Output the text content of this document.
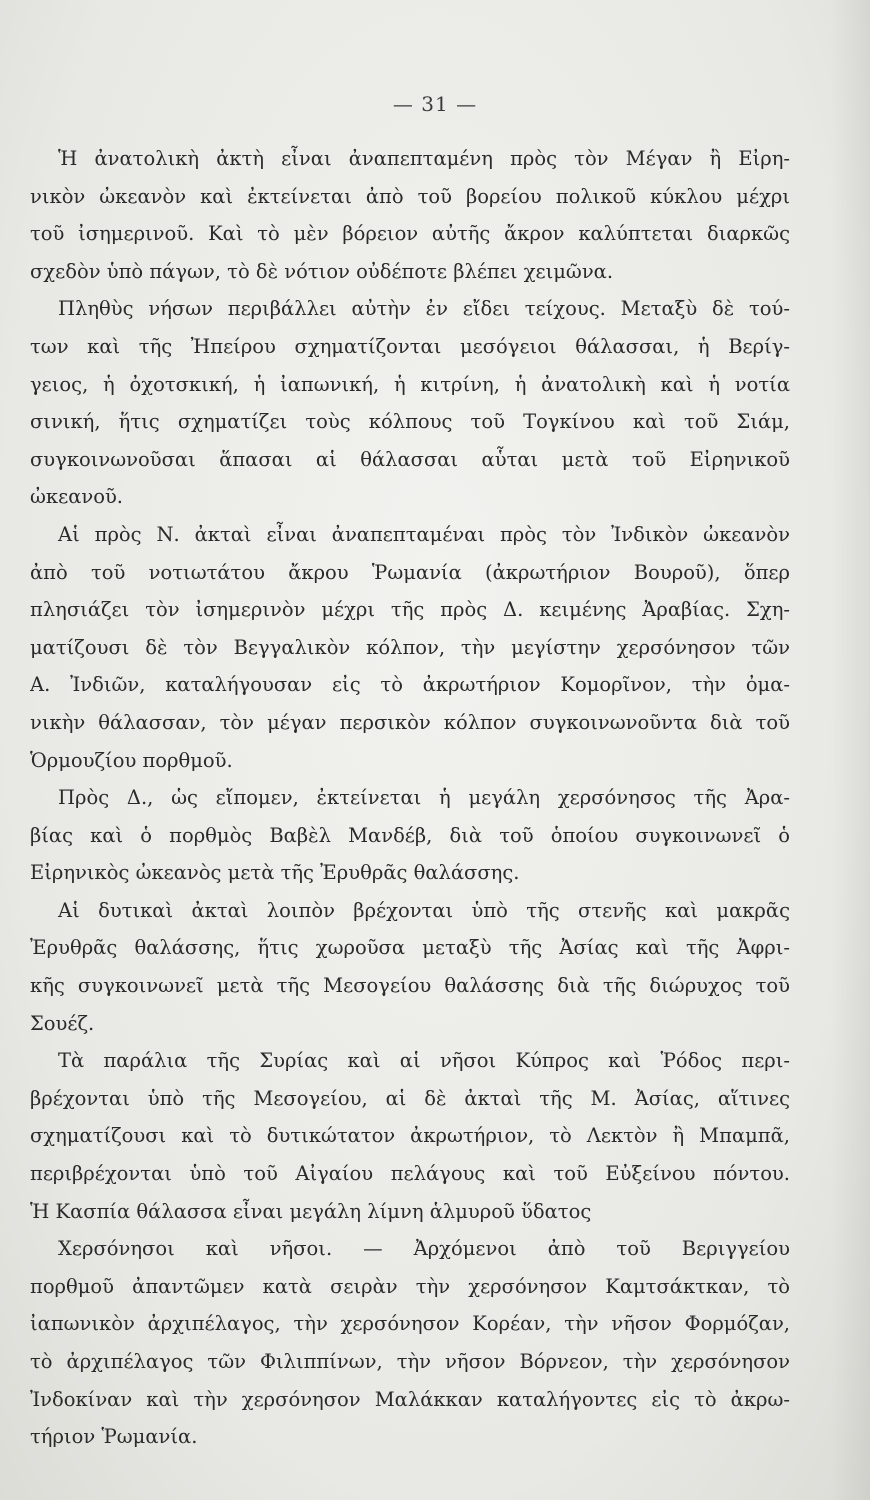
— 31 —
Ἡ ἀνατολικὴ ἀκτὴ εἶναι ἀναπεπταμένη πρὸς τὸν Μέγαν ἢ Εἰρη-
νικὸν ὠκεανὸν καὶ ἐκτείνεται ἀπὸ τοῦ βορείου πολικοῦ κύκλου μέχρι
τοῦ ἰσημερινοῦ. Καὶ τὸ μὲν βόρειον αὐτῆς ἄκρον καλύπτεται διαρκῶς
σχεδὸν ὑπὸ πάγων, τὸ δὲ νότιον οὐδέποτε βλέπει χειμῶνα.
Πληθὺς νήσων περιβάλλει αὐτὴν ἐν εἴδει τείχους. Μεταξὺ δὲ τού-
των καὶ τῆς Ἠπείρου σχηματίζονται μεσόγειοι θάλασσαι, ἡ Βερίγ-
γειος, ἡ ὀχοτσκική, ἡ ἰαπωνική, ἡ κιτρίνη, ἡ ἀνατολικὴ καὶ ἡ νοτία
σινική, ἥτις σχηματίζει τοὺς κόλπους τοῦ Τογκίνου καὶ τοῦ Σιάμ,
συγκοινωνοῦσαι ἅπασαι αἱ θάλασσαι αὗται μετὰ τοῦ Εἰρηνικοῦ
ὠκεανοῦ.
Αἱ πρὸς Ν. ἀκταὶ εἶναι ἀναπεπταμέναι πρὸς τὸν Ἰνδικὸν ὠκεανὸν
ἀπὸ τοῦ νοτιωτάτου ἄκρου Ῥωμανία (ἀκρωτήριον Βουροῦ), ὅπερ
πλησιάζει τὸν ἰσημερινὸν μέχρι τῆς πρὸς Δ. κειμένης Ἀραβίας. Σχη-
ματίζουσι δὲ τὸν Βεγγαλικὸν κόλπον, τὴν μεγίστην χερσόνησον τῶν
Α. Ἰνδιῶν, καταλήγουσαν εἰς τὸ ἀκρωτήριον Κομορῖνον, τὴν ὀμα-
νικὴν θάλασσαν, τὸν μέγαν περσικὸν κόλπον συγκοινωνοῦντα διὰ τοῦ
Ὁρμουζίου πορθμοῦ.
Πρὸς Δ., ὡς εἴπομεν, ἐκτείνεται ἡ μεγάλη χερσόνησος τῆς Ἀρα-
βίας καὶ ὁ πορθμὸς Βαβὲλ Μανδέβ, διὰ τοῦ ὁποίου συγκοινωνεῖ ὁ
Εἰρηνικὸς ὠκεανὸς μετὰ τῆς Ἐρυθρᾶς θαλάσσης.
Αἱ δυτικαὶ ἀκταὶ λοιπὸν βρέχονται ὑπὸ τῆς στενῆς καὶ μακρᾶς
Ἐρυθρᾶς θαλάσσης, ἥτις χωροῦσα μεταξὺ τῆς Ἀσίας καὶ τῆς Ἀφρι-
κῆς συγκοινωνεῖ μετὰ τῆς Μεσογείου θαλάσσης διὰ τῆς διώρυχος τοῦ
Σουέζ.
Τὰ παράλια τῆς Συρίας καὶ αἱ νῆσοι Κύπρος καὶ Ῥόδος περι-
βρέχονται ὑπὸ τῆς Μεσογείου, αἱ δὲ ἀκταὶ τῆς Μ. Ἀσίας, αἵτινες
σχηματίζουσι καὶ τὸ δυτικώτατον ἀκρωτήριον, τὸ Λεκτὸν ἢ Μπαμπᾶ,
περιβρέχονται ὑπὸ τοῦ Αἰγαίου πελάγους καὶ τοῦ Εὐξείνου πόντου.
Ἡ Κασπία θάλασσα εἶναι μεγάλη λίμνη ἁλμυροῦ ὕδατος
Χερσόνησοι καὶ νῆσοι. — Ἀρχόμενοι ἀπὸ τοῦ Βεριγγείου
πορθμοῦ ἀπαντῶμεν κατὰ σειρὰν τὴν χερσόνησον Καμτσάκτκαν, τὸ
ἰαπωνικὸν ἀρχιπέλαγος, τὴν χερσόνησον Κορέαν, τὴν νῆσον Φορμόζαν,
τὸ ἀρχιπέλαγος τῶν Φιλιππίνων, τὴν νῆσον Βόρνεον, τὴν χερσόνησον
Ἰνδοκίναν καὶ τὴν χερσόνησον Μαλάκκαν καταλήγοντες εἰς τὸ ἀκρω-
τήριον Ῥωμανία.
